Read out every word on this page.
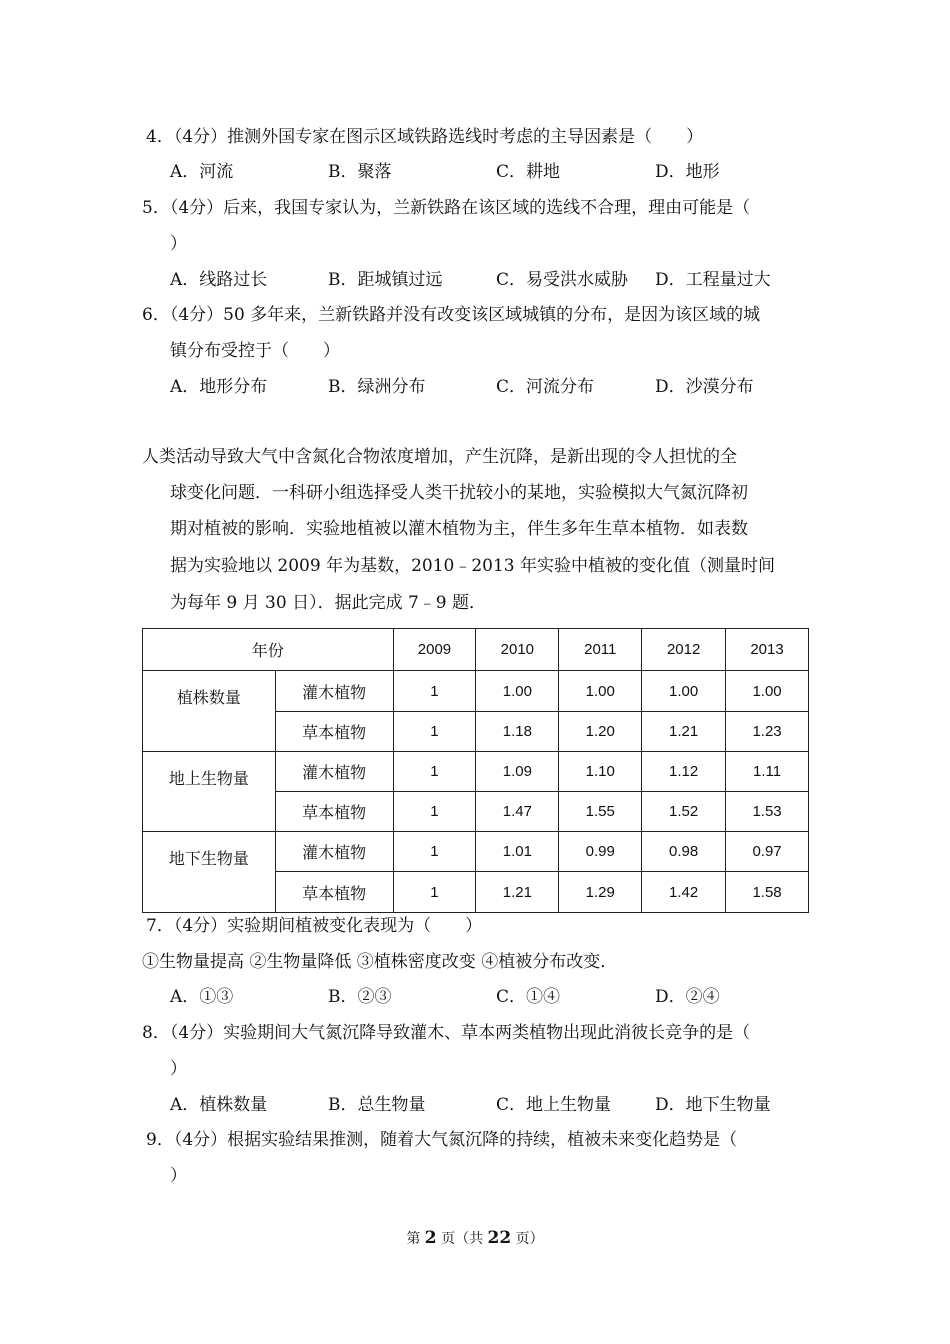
4．（4分）推测外国专家在图示区域铁路选线时考虑的主导因素是（　　）
A．河流	B．聚落	C．耕地	D．地形
5．（4分）后来，我国专家认为，兰新铁路在该区域的选线不合理，理由可能是（
）
A．线路过长	B．距城镇过远	C．易受洪水威胁 D．工程量过大
6．（4分）50 多年来，兰新铁路并没有改变该区域城镇的分布，是因为该区域的城
镇分布受控于（　　）
A．地形分布	B．绿洲分布	C．河流分布	D．沙漠分布
人类活动导致大气中含氮化合物浓度增加，产生沉降，是新出现的令人担忧的全
球变化问题．一科研小组选择受人类干扰较小的某地，实验模拟大气氮沉降初
期对植被的影响．实验地植被以灌木植物为主，伴生多年生草本植物．如表数
据为实验地以 2009 年为基数，2010﹣2013 年实验中植被的变化值（测量时间
为每年 9 月 30 日）．据此完成 7﹣9 题．
年份		2009	2010	2011	2012	2013
植株数量	灌木植物	1	1.00	1.00	1.00	1.00
	草本植物	1	1.18	1.20	1.21	1.23
地上生物量	灌木植物	1	1.09	1.10	1.12	1.11
	草本植物	1	1.47	1.55	1.52	1.53
地下生物量	灌木植物	1	1.01	0.99	0.98	0.97
	草本植物	1	1.21	1.29	1.42	1.58
7．（4分）实验期间植被变化表现为（　　）
①生物量提高 ②生物量降低 ③植株密度改变 ④植被分布改变．
A．①③	B．②③	C．①④	D．②④
8．（4分）实验期间大气氮沉降导致灌木、草本两类植物出现此消彼长竞争的是（
）
A．植株数量	B．总生物量	C．地上生物量	D．地下生物量
9．（4分）根据实验结果推测，随着大气氮沉降的持续，植被未来变化趋势是（
）
第 2 页（共 22 页）
